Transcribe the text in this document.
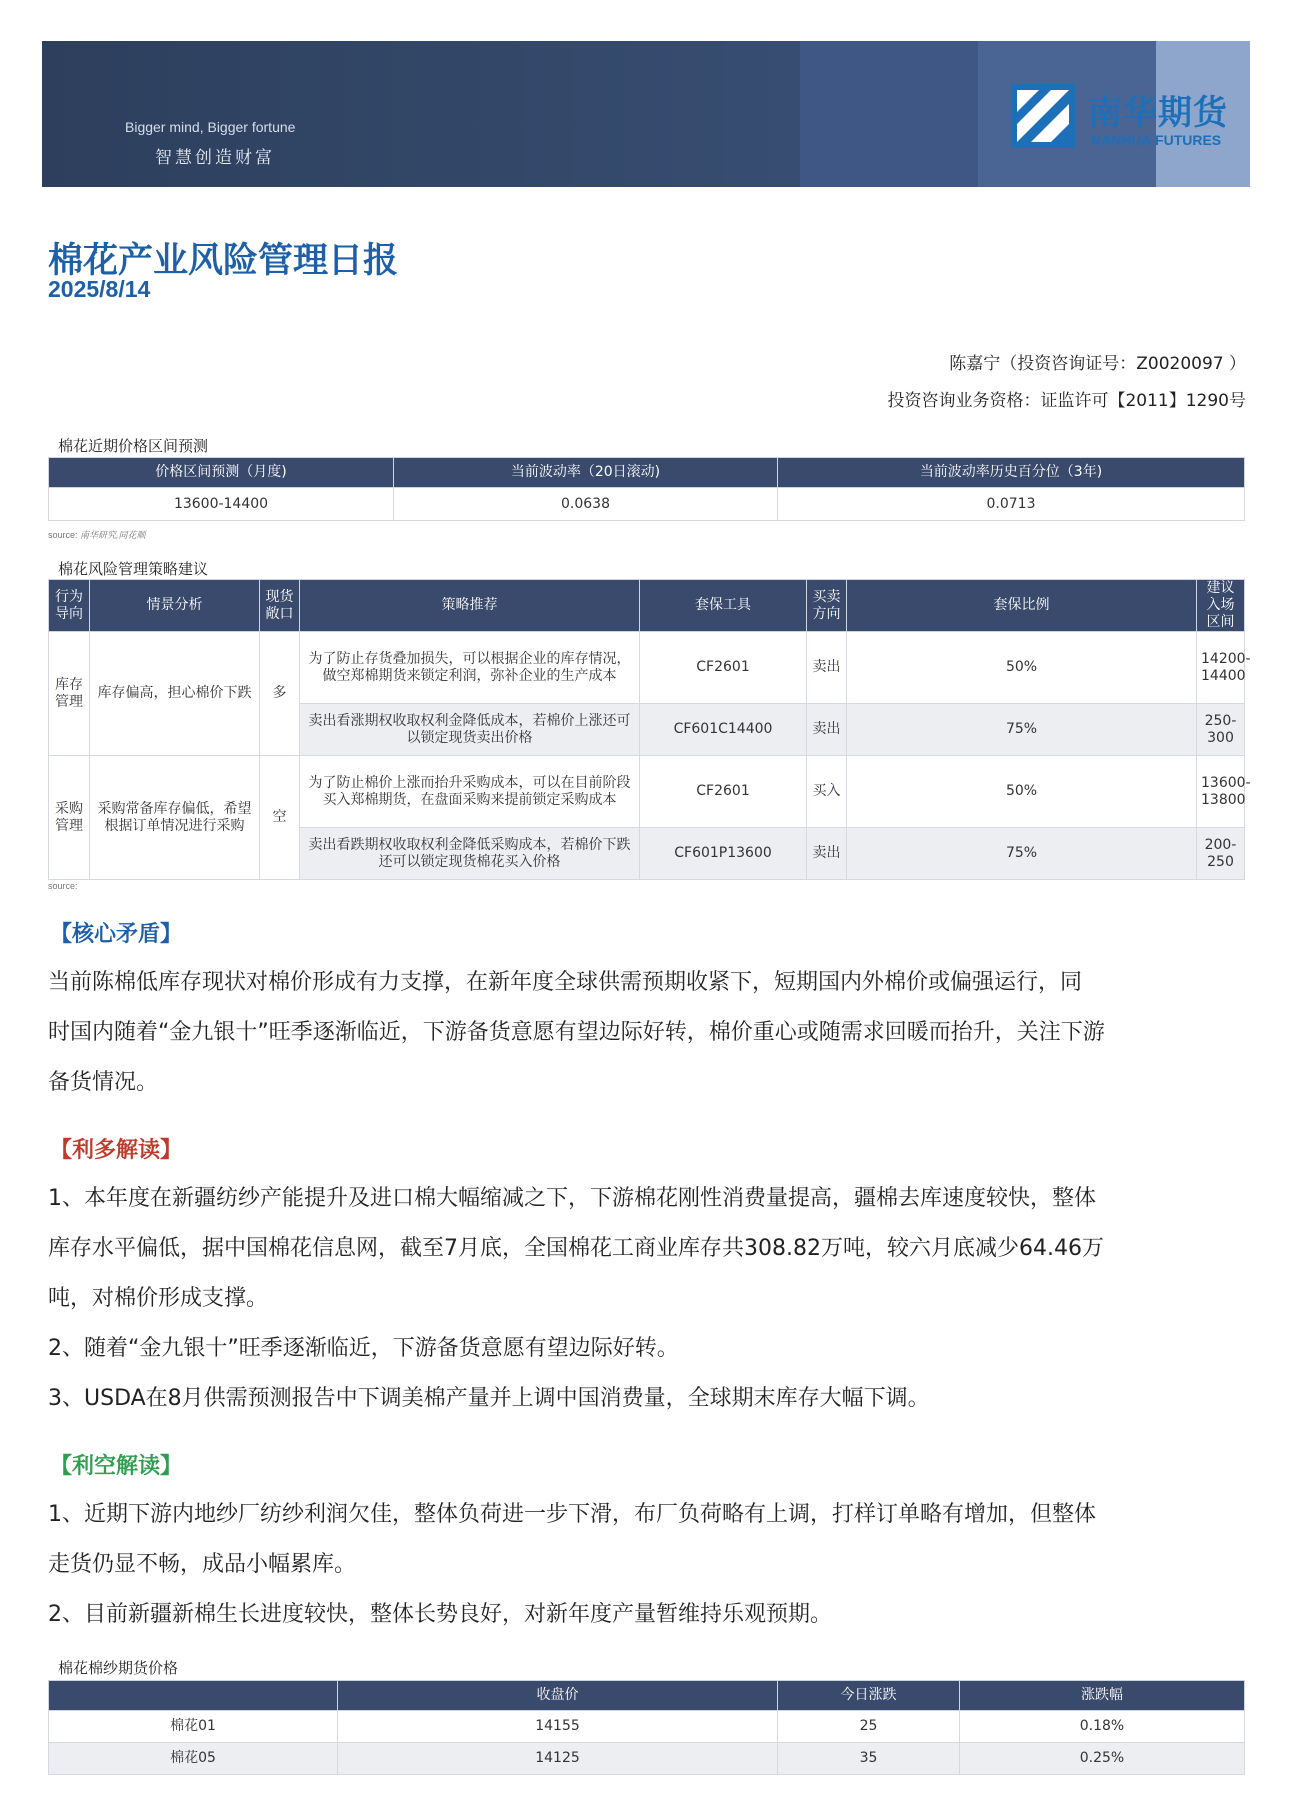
Bigger mind, Bigger fortune
智慧创造财富
南华期货
NANHUA FUTURES
棉花产业风险管理日报
2025/8/14
陈嘉宁（投资咨询证号：Z0020097 ）
投资咨询业务资格：证监许可【2011】1290号
棉花近期价格区间预测
价格区间预测（月度)	当前波动率（20日滚动)	当前波动率历史百分位（3年)
13600-14400	0.0638	0.0713
source: 南华研究,同花顺
棉花风险管理策略建议
行为导向	情景分析	现货敞口	策略推荐	套保工具	买卖方向	套保比例	建议入场区间
库存管理	库存偏高，担心棉价下跌	多	为了防止存货叠加损失，可以根据企业的库存情况，做空郑棉期货来锁定利润，弥补企业的生产成本	CF2601	卖出	50%	14200-14400
			卖出看涨期权收取权利金降低成本，若棉价上涨还可以锁定现货卖出价格	CF601C14400	卖出	75%	250-300
采购管理	采购常备库存偏低，希望根据订单情况进行采购	空	为了防止棉价上涨而抬升采购成本，可以在目前阶段买入郑棉期货，在盘面采购来提前锁定采购成本	CF2601	买入	50%	13600-13800
			卖出看跌期权收取权利金降低采购成本，若棉价下跌还可以锁定现货棉花买入价格	CF601P13600	卖出	75%	200-250
source:
【核心矛盾】
当前陈棉低库存现状对棉价形成有力支撑，在新年度全球供需预期收紧下，短期国内外棉价或偏强运行，同
时国内随着“金九银十”旺季逐渐临近，下游备货意愿有望边际好转，棉价重心或随需求回暖而抬升，关注下游
备货情况。
【利多解读】
1、本年度在新疆纺纱产能提升及进口棉大幅缩减之下，下游棉花刚性消费量提高，疆棉去库速度较快，整体
库存水平偏低，据中国棉花信息网，截至7月底，全国棉花工商业库存共308.82万吨，较六月底减少64.46万
吨，对棉价形成支撑。
2、随着“金九银十”旺季逐渐临近，下游备货意愿有望边际好转。
3、USDA在8月供需预测报告中下调美棉产量并上调中国消费量，全球期末库存大幅下调。
【利空解读】
1、近期下游内地纱厂纺纱利润欠佳，整体负荷进一步下滑，布厂负荷略有上调，打样订单略有增加，但整体
走货仍显不畅，成品小幅累库。
2、目前新疆新棉生长进度较快，整体长势良好，对新年度产量暂维持乐观预期。
棉花棉纱期货价格
	收盘价	今日涨跌	涨跌幅
棉花01	14155	25	0.18%
棉花05	14125	35	0.25%
